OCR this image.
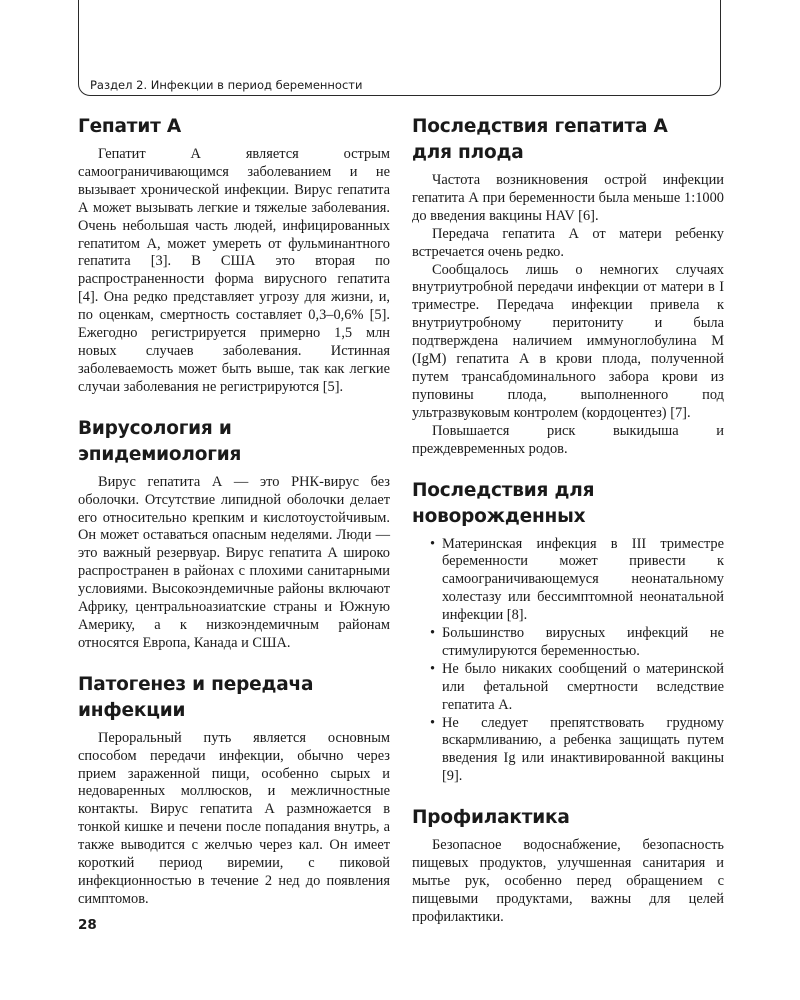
Раздел 2. Инфекции в период беременности
Гепатит А

Гепатит А является острым самоограничивающимся заболеванием и не вызывает хронической инфекции. Вирус гепатита А может вызывать легкие и тяжелые заболевания. Очень небольшая часть людей, инфицированных гепатитом А, может умереть от фульминантного гепатита [3]. В США это вторая по распространенности форма вирусного гепатита [4]. Она редко представляет угрозу для жизни, и, по оценкам, смертность составляет 0,3–0,6% [5]. Ежегодно регистрируется примерно 1,5 млн новых случаев заболевания. Истинная заболеваемость может быть выше, так как легкие случаи заболевания не регистрируются [5].

Вирусология и эпидемиология

Вирус гепатита А — это РНК-вирус без оболочки. Отсутствие липидной оболочки делает его относительно крепким и кислотоустойчивым. Он может оставаться опасным неделями. Люди — это важный резервуар. Вирус гепатита А широко распространен в районах с плохими санитарными условиями. Высокоэндемичные районы включают Африку, центральноазиатские страны и Южную Америку, а к низкоэндемичным районам относятся Европа, Канада и США.

Патогенез и передача инфекции

Пероральный путь является основным способом передачи инфекции, обычно через прием зараженной пищи, особенно сырых и недоваренных моллюсков, и межличностные контакты. Вирус гепатита А размножается в тонкой кишке и печени после попадания внутрь, а также выводится с желчью через кал. Он имеет короткий период виремии, с пиковой инфекционностью в течение 2 нед до появления симптомов.

Последствия гепатита А для плода

Частота возникновения острой инфекции гепатита А при беременности была меньше 1:1000 до введения вакцины HAV [6].

Передача гепатита А от матери ребенку встречается очень редко.

Сообщалось лишь о немногих случаях внутриутробной передачи инфекции от матери в I триместре. Передача инфекции привела к внутриутробному перитониту и была подтверждена наличием иммуноглобулина M (IgM) гепатита А в крови плода, полученной путем трансабдоминального забора крови из пуповины плода, выполненного под ультразвуковым контролем (кордоцентез) [7].

Повышается риск выкидыша и преждевременных родов.

Последствия для новорожденных
• Материнская инфекция в III триместре беременности может привести к самоограничивающемуся неонатальному холестазу или бессимптомной неонатальной инфекции [8].
• Большинство вирусных инфекций не стимулируются беременностью.
• Не было никаких сообщений о материнской или фетальной смертности вследствие гепатита А.
• Не следует препятствовать грудному вскармливанию, а ребенка защищать путем введения Ig или инактивированной вакцины [9].
Профилактика

Безопасное водоснабжение, безопасность пищевых продуктов, улучшенная санитария и мытье рук, особенно перед обращением с пищевыми продуктами, важны для целей профилактики.

28
